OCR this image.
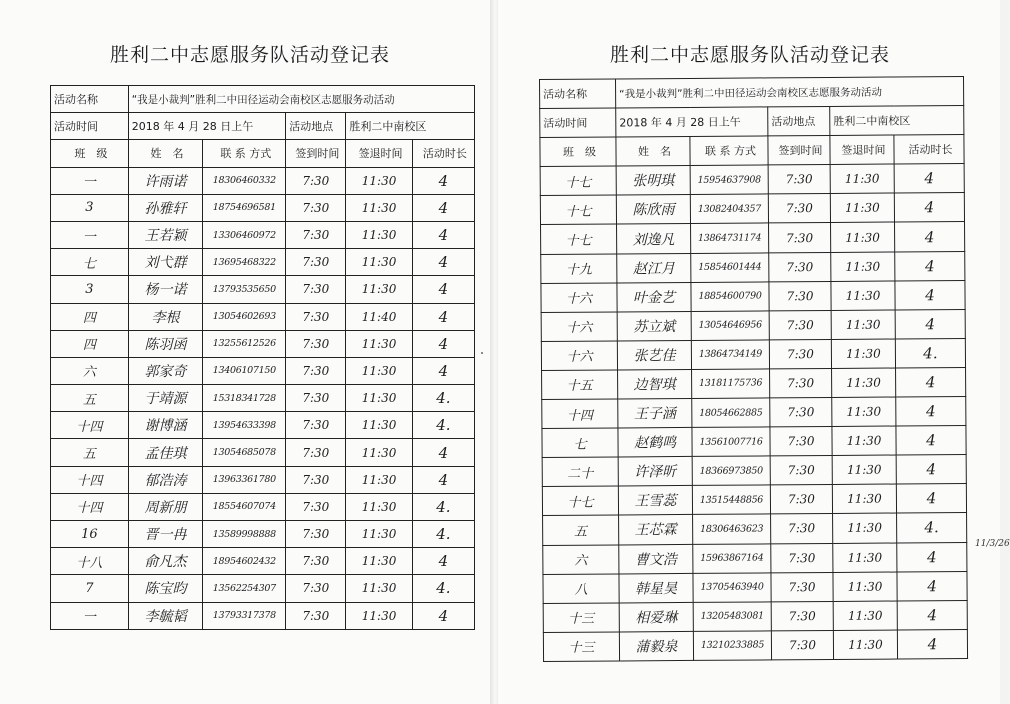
胜利二中志愿服务队活动登记表
活动名称	“我是小裁判”胜利二中田径运动会南校区志愿服务动活动				
活动时间	2018 年 4 月 28 日上午		活动地点	胜利二中南校区	
班　级	姓　名	联 系 方式	签到时间	签退时间	活动时长
一	许雨诺	18306460332	7:30	11:30	4
3	孙雅轩	18754696581	7:30	11:30	4
一	王若颖	13306460972	7:30	11:30	4
七	刘弋群	13695468322	7:30	11:30	4
3	杨一诺	13793535650	7:30	11:30	4
四	李根	13054602693	7:30	11:40	4
四	陈羽函	13255612526	7:30	11:30	4
六	郭家奇	13406107150	7:30	11:30	4
五	于靖源	15318341728	7:30	11:30	4.
十四	谢博涵	13954633398	7:30	11:30	4.
五	孟佳琪	13054685078	7:30	11:30	4
十四	郁浩涛	13963361780	7:30	11:30	4
十四	周新朋	18554607074	7:30	11:30	4.
16	晋一冉	13589998888	7:30	11:30	4.
十八	俞凡杰	18954602432	7:30	11:30	4
7	陈宝昀	13562254307	7:30	11:30	4.
一	李毓韬	13793317378	7:30	11:30	4
胜利二中志愿服务队活动登记表
活动名称	“我是小裁判”胜利二中田径运动会南校区志愿服务动活动				
活动时间	2018 年 4 月 28 日上午		活动地点	胜利二中南校区	
班　级	姓　名	联 系 方式	签到时间	签退时间	活动时长
十七	张明琪	15954637908	7:30	11:30	4
十七	陈欣雨	13082404357	7:30	11:30	4
十七	刘逸凡	13864731174	7:30	11:30	4
十九	赵江月	15854601444	7:30	11:30	4
十六	叶金艺	18854600790	7:30	11:30	4
十六	苏立斌	13054646956	7:30	11:30	4
十六	张艺佳	13864734149	7:30	11:30	4.
十五	边智琪	13181175736	7:30	11:30	4
十四	王子涵	18054662885	7:30	11:30	4
七	赵鹤鸣	13561007716	7:30	11:30	4
二十	许泽昕	18366973850	7:30	11:30	4
十七	王雪蕊	13515448856	7:30	11:30	4
五	王芯霖	18306463623	7:30	11:30	4.
六	曹文浩	15963867164	7:30	11:30	4
八	韩星昊	13705463940	7:30	11:30	4
十三	相爱琳	13205483081	7:30	11:30	4
十三	蒲毅泉	13210233885	7:30	11:30	4
11/3/26
